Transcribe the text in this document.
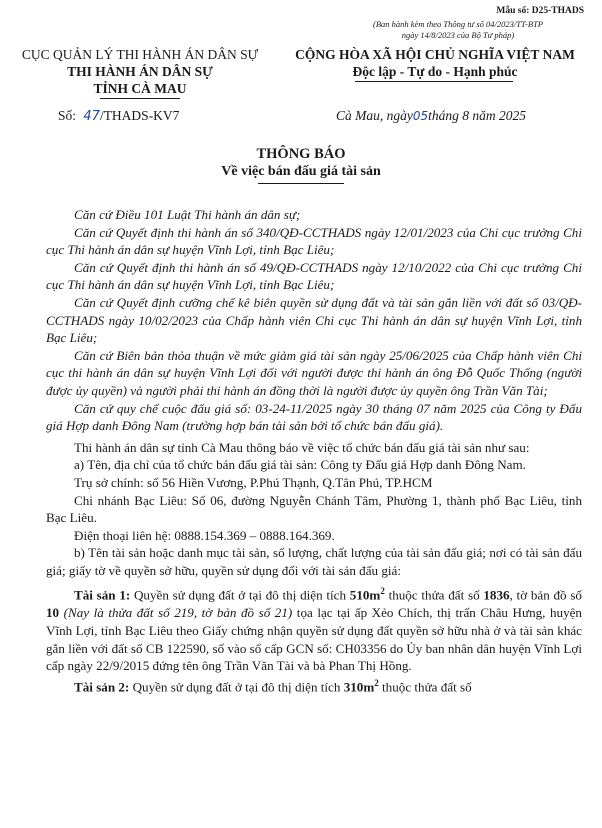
Mẫu số: D25-THADS
(Ban hành kèm theo Thông tư số 04/2023/TT-BTP
ngày 14/8/2023 của Bộ Tư pháp)
CỤC QUẢN LÝ THI HÀNH ÁN DÂN SỰ
THI HÀNH ÁN DÂN SỰ
TỈNH CÀ MAU
CỘNG HÒA XÃ HỘI CHỦ NGHĨA VIỆT NAM
Độc lập - Tự do - Hạnh phúc
Số: 47/THADS-KV7	Cà Mau, ngày05tháng 8 năm 2025
THÔNG BÁO
Về việc bán đấu giá tài sản

Căn cứ Điều 101 Luật Thi hành án dân sự;

Căn cứ Quyết định thi hành án số 340/QĐ-CCTHADS ngày 12/01/2023 của Chi cục trưởng Chi cục Thi hành án dân sự huyện Vĩnh Lợi, tỉnh Bạc Liêu;

Căn cứ Quyết định thi hành án số 49/QĐ-CCTHADS ngày 12/10/2022 của Chi cục trưởng Chi cục Thi hành án dân sự huyện Vĩnh Lợi, tỉnh Bạc Liêu;

Căn cứ Quyết định cưỡng chế kê biên quyền sử dụng đất và tài sản gắn liền với đất số 03/QĐ-CCTHADS ngày 10/02/2023 của Chấp hành viên Chi cục Thi hành án dân sự huyện Vĩnh Lợi, tỉnh Bạc Liêu;

Căn cứ Biên bản thỏa thuận về mức giảm giá tài sản ngày 25/06/2025 của Chấp hành viên Chi cục thi hành án dân sự huyện Vĩnh Lợi đối với người được thi hành án ông Đỗ Quốc Thống (người được ủy quyền) và người phải thi hành án đồng thời là người được ủy quyền ông Trần Văn Tài;

Căn cứ quy chế cuộc đấu giá số: 03-24-11/2025 ngày 30 tháng 07 năm 2025 của Công ty Đấu giá Hợp danh Đông Nam (trường hợp bán tài sản bởi tổ chức bán đấu giá).

Thi hành án dân sự tỉnh Cà Mau thông báo về việc tổ chức bán đấu giá tài sản như sau:

a) Tên, địa chỉ của tổ chức bán đấu giá tài sản: Công ty Đấu giá Hợp danh Đông Nam.

Trụ sở chính: số 56 Hiền Vương, P.Phú Thạnh, Q.Tân Phú, TP.HCM

Chi nhánh Bạc Liêu: Số 06, đường Nguyễn Chánh Tâm, Phường 1, thành phố Bạc Liêu, tỉnh Bạc Liêu.

Điện thoại liên hệ: 0888.154.369 – 0888.164.369.

b) Tên tài sản hoặc danh mục tài sản, số lượng, chất lượng của tài sản đấu giá; nơi có tài sản đấu giá; giấy tờ về quyền sở hữu, quyền sử dụng đối với tài sản đấu giá:

Tài sản 1: Quyền sử dụng đất ở tại đô thị diện tích $510m^2$ thuộc thửa đất số 1836, tờ bản đồ số 10 (Nay là thửa đất số 219, tờ bản đồ số 21) tọa lạc tại ấp Xẻo Chích, thị trấn Châu Hưng, huyện Vĩnh Lợi, tỉnh Bạc Liêu theo Giấy chứng nhận quyền sử dụng đất quyền sở hữu nhà ở và tài sản khác gắn liền với đất số CB 122590, số vào sổ cấp GCN số: CH03356 do Ủy ban nhân dân huyện Vĩnh Lợi cấp ngày 22/9/2015 đứng tên ông Trần Văn Tài và bà Phan Thị Hồng.

Tài sản 2: Quyền sử dụng đất ở tại đô thị diện tích $310m^2$ thuộc thửa đất số
